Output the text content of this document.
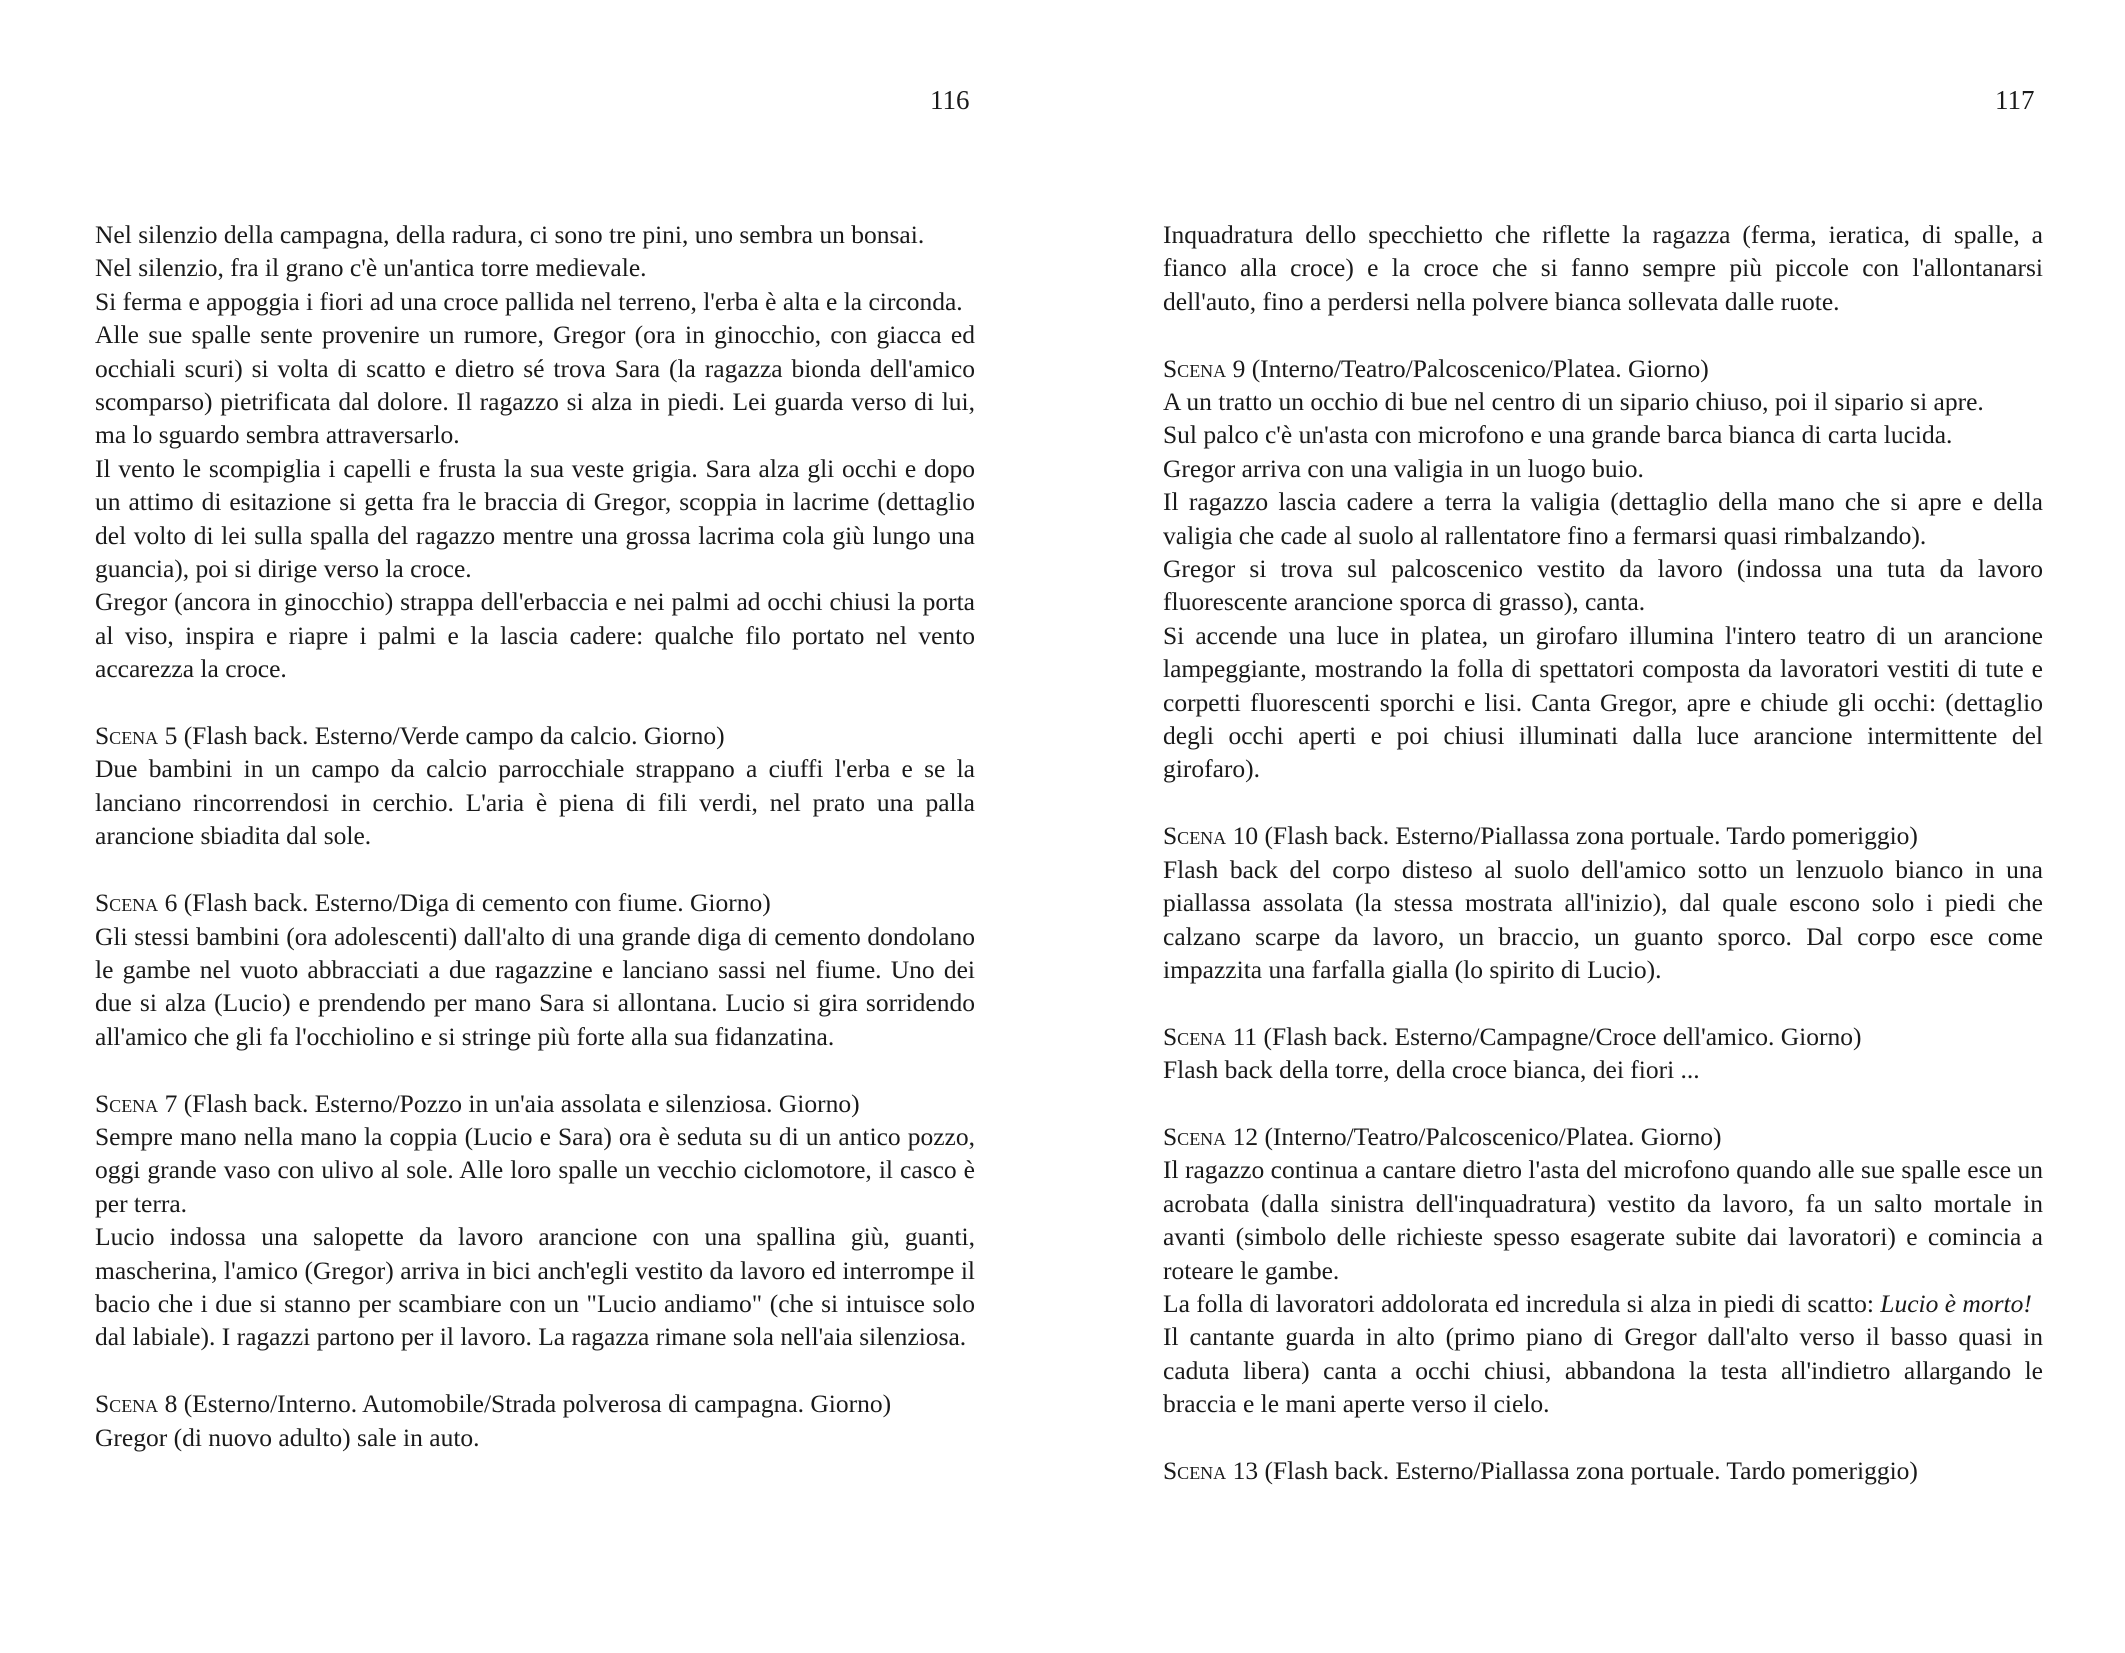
116

Nel silenzio della campagna, della radura, ci sono tre pini, uno sembra un bonsai.

Nel silenzio, fra il grano c'è un'antica torre medievale.

Si ferma e appoggia i fiori ad una croce pallida nel terreno, l'erba è alta e la circonda.

Alle sue spalle sente provenire un rumore, Gregor (ora in ginocchio, con giacca ed occhiali scuri) si volta di scatto e dietro sé trova Sara (la ragazza bionda dell'amico scomparso) pietrificata dal dolore. Il ragazzo si alza in piedi. Lei guarda verso di lui, ma lo sguardo sembra attraversarlo.

Il vento le scompiglia i capelli e frusta la sua veste grigia. Sara alza gli occhi e dopo un attimo di esitazione si getta fra le braccia di Gregor, scoppia in lacrime (dettaglio del volto di lei sulla spalla del ragazzo mentre una grossa lacrima cola giù lungo una guancia), poi si dirige verso la croce.

Gregor (ancora in ginocchio) strappa dell'erbaccia e nei palmi ad occhi chiusi la porta al viso, inspira e riapre i palmi e la lascia cadere: qualche filo portato nel vento accarezza la croce.

Scena 5 (Flash back. Esterno/Verde campo da calcio. Giorno)

Due bambini in un campo da calcio parrocchiale strappano a ciuffi l'erba e se la lanciano rincorrendosi in cerchio. L'aria è piena di fili verdi, nel prato una palla arancione sbiadita dal sole.

Scena 6 (Flash back. Esterno/Diga di cemento con fiume. Giorno)

Gli stessi bambini (ora adolescenti) dall'alto di una grande diga di cemento dondolano le gambe nel vuoto abbracciati a due ragazzine e lanciano sassi nel fiume. Uno dei due si alza (Lucio) e prendendo per mano Sara si allontana. Lucio si gira sorridendo all'amico che gli fa l'occhiolino e si stringe più forte alla sua fidanzatina.

Scena 7 (Flash back. Esterno/Pozzo in un'aia assolata e silenziosa. Giorno)

Sempre mano nella mano la coppia (Lucio e Sara) ora è seduta su di un antico pozzo, oggi grande vaso con ulivo al sole. Alle loro spalle un vecchio ciclomotore, il casco è per terra.

Lucio indossa una salopette da lavoro arancione con una spallina giù, guanti, mascherina, l'amico (Gregor) arriva in bici anch'egli vestito da lavoro ed interrompe il bacio che i due si stanno per scambiare con un "Lucio andiamo" (che si intuisce solo dal labiale). I ragazzi partono per il lavoro. La ragazza rimane sola nell'aia silenziosa.

Scena 8 (Esterno/Interno. Automobile/Strada polverosa di campagna. Giorno)

Gregor (di nuovo adulto) sale in auto.

117

Inquadratura dello specchietto che riflette la ragazza (ferma, ieratica, di spalle, a fianco alla croce) e la croce che si fanno sempre più piccole con l'allontanarsi dell'auto, fino a perdersi nella polvere bianca sollevata dalle ruote.

Scena 9 (Interno/Teatro/Palcoscenico/Platea. Giorno)

A un tratto un occhio di bue nel centro di un sipario chiuso, poi il sipario si apre.

Sul palco c'è un'asta con microfono e una grande barca bianca di carta lucida.

Gregor arriva con una valigia in un luogo buio.

Il ragazzo lascia cadere a terra la valigia (dettaglio della mano che si apre e della valigia che cade al suolo al rallentatore fino a fermarsi quasi rimbalzando).

Gregor si trova sul palcoscenico vestito da lavoro (indossa una tuta da lavoro fluorescente arancione sporca di grasso), canta.

Si accende una luce in platea, un girofaro illumina l'intero teatro di un arancione lampeggiante, mostrando la folla di spettatori composta da lavoratori vestiti di tute e corpetti fluorescenti sporchi e lisi. Canta Gregor, apre e chiude gli occhi: (dettaglio degli occhi aperti e poi chiusi illuminati dalla luce arancione intermittente del girofaro).

Scena 10 (Flash back. Esterno/Piallassa zona portuale. Tardo pomeriggio)

Flash back del corpo disteso al suolo dell'amico sotto un lenzuolo bianco in una piallassa assolata (la stessa mostrata all'inizio), dal quale escono solo i piedi che calzano scarpe da lavoro, un braccio, un guanto sporco. Dal corpo esce come impazzita una farfalla gialla (lo spirito di Lucio).

Scena 11 (Flash back. Esterno/Campagne/Croce dell'amico. Giorno)

Flash back della torre, della croce bianca, dei fiori ...

Scena 12 (Interno/Teatro/Palcoscenico/Platea. Giorno)

Il ragazzo continua a cantare dietro l'asta del microfono quando alle sue spalle esce un acrobata (dalla sinistra dell'inquadratura) vestito da lavoro, fa un salto mortale in avanti (simbolo delle richieste spesso esagerate subite dai lavoratori) e comincia a roteare le gambe.

La folla di lavoratori addolorata ed incredula si alza in piedi di scatto: Lucio è morto!

Il cantante guarda in alto (primo piano di Gregor dall'alto verso il basso quasi in caduta libera) canta a occhi chiusi, abbandona la testa all'indietro allargando le braccia e le mani aperte verso il cielo.

Scena 13 (Flash back. Esterno/Piallassa zona portuale. Tardo pomeriggio)
